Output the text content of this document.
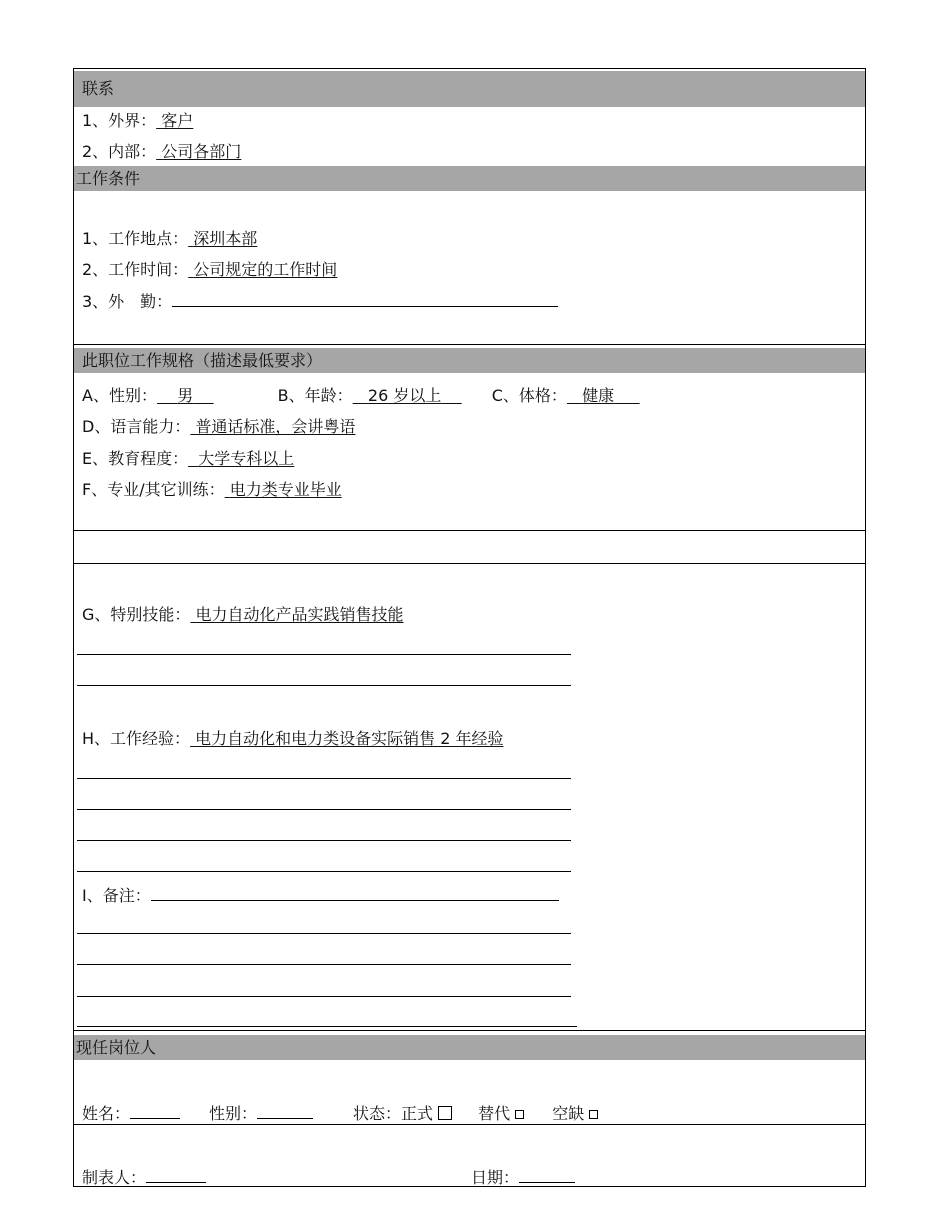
联系
1、外界： 客户
2、内部： 公司各部门
工作条件
1、工作地点： 深圳本部
2、工作时间： 公司规定的工作时间
3、外　勤：
此职位工作规格（描述最低要求）
A、性别： 男	B、年龄： 26 岁以上	C、体格： 健康
D、语言能力： 普通话标准，会讲粤语
E、教育程度： 大学专科以上
F、专业/其它训练： 电力类专业毕业
G、特别技能： 电力自动化产品实践销售技能
H、工作经验： 电力自动化和电力类设备实际销售 2 年经验
I、备注：
现任岗位人
姓名：	性别：	状态：正式	替代	空缺
制表人：	日期：
